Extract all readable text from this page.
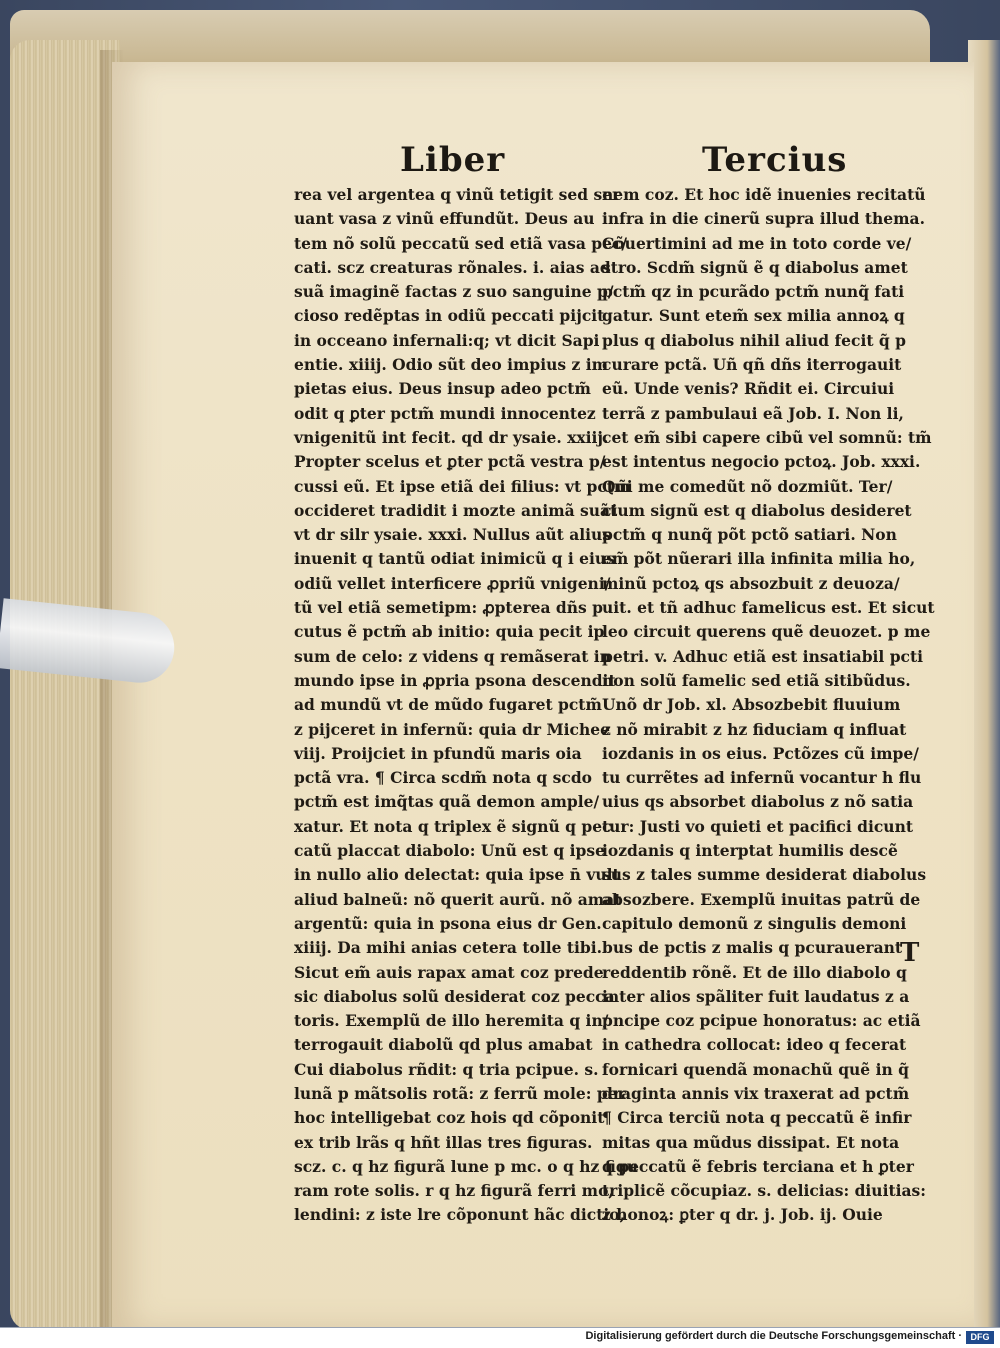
Liber	Tercius
rea vel argentea q vinũ tetigit sed ser
uant vasa z vinũ effundũt. Deus au
tem nõ solũ peccatũ sed etiã vasa pec/
cati. scz creaturas rõnales. i. aias ad
suã imaginẽ factas z suo sanguine p/
cioso redẽptas in odiũ peccati pĳcit
in occeano infernali:q; vt dicit Sapi
entie. xiiij. Odio sũt deo impius z im
pietas eius. Deus insup adeo pctm̃
odit q ꝑter pctm̃ mundi innocentez
vnigenitũ int fecit. qd dr ysaie. xxiij.
Propter scelus et ꝑter pctã vestra p/
cussi eũ. Et ipse etiã dei filius: vt pctm̃
occideret tradidit i mozte animã suãt
vt dr silr ysaie. xxxi. Nullus aũt alius
inuenit q tantũ odiat inimicũ q i eius
odiũ vellet interficere ꝓpriũ vnigeni/
tũ vel etiã semetipm: ꝓpterea dñs p
cutus ẽ pctm̃ ab initio: quia pecit ip
sum de celo: z videns q remãserat in
mundo ipse in ꝓpria psona descendit
ad mundũ vt de mũdo fugaret pctm̃
z pĳceret in infernũ: quia dr Michee
viij. Proĳciet in pfundũ maris oia
pctã vra. ¶ Circa scdm̃ nota q scdo
pctm̃ est imq̃tas quã demon ample/
xatur. Et nota q triplex ẽ signũ q pec
catũ placcat diabolo: Unũ est q ipse
in nullo alio delectat: quia ipse n̄ vult
aliud balneũ: nõ querit aurũ. nõ amat
argentũ: quia in psona eius dr Gen.
xiiij. Da mihi anias cetera tolle tibi.
Sicut em̃ auis rapax amat coz prede
sic diabolus solũ desiderat coz pecca
toris. Exemplũ de illo heremita q in/
terrogauit diabolũ qd plus amabat
Cui diabolus rñdit: q tria pcipue. s.
lunã p mãtsolis rotã: z ferrũ mole: per
hoc intelligebat coz hois qd cõponit
ex trib lrãs q hñt illas tres figuras.
scz. c. q hz figurã lune p mc. o q hz figu
ram rote solis. r q hz figurã ferri mo,
lendini: z iste lre cõponunt hãc dictio,
nem coz. Et hoc idẽ inuenies recitatũ
infra in die cinerũ supra illud thema.
Cõuertimini ad me in toto corde ve/
stro. Scdm̃ signũ ẽ q diabolus amet
pctm̃ qz in pcurãdo pctm̃ nunq̃ fati
gatur. Sunt etem̃ sex milia annoꝝ q
plus q diabolus nihil aliud fecit q̃ p
curare pctã. Uñ qñ dñs iterrogauit
eũ. Unde venis? Rñdit ei. Circuiui
terrã z pambulaui eã Job. I. Non li,
cet em̃ sibi capere cibũ vel somnũ: tm̃
est intentus negocio pctoꝝ. Job. xxxi.
Qui me comedũt nõ dozmiũt. Ter/
cium signũ est q diabolus desideret
pctm̃ q nunq̃ põt pctõ satiari. Non
em̃ põt nũerari illa infinita milia ho,
minũ pctoꝝ qs absozbuit z deuoza/
uit. et tñ adhuc famelicus est. Et sicut
leo circuit querens quẽ deuozet. p me
petri. v. Adhuc etiã est insatiabil pcti
non solũ famelic sed etiã sitibũdus.
Unõ dr Job. xl. Absozbebit fluuium
z nõ mirabit z hz fiduciam q influat
iozdanis in os eius. Pctõzes cũ impe/
tu currẽtes ad infernũ vocantur h flu
uius qs absorbet diabolus z nõ satia
tur: Justi vo quieti et pacifici dicunt
iozdanis q interptat humilis descẽ
sus z tales summe desiderat diabolus
absozbere. Exemplũ inuitas patrũ de
capitulo demonũ z singulis demoni
bus de pctis z malis q pcurauerant
reddentib rõnẽ. Et de illo diabolo q
inter alios spãliter fuit laudatus z a
pncipe coz pcipue honoratus: ac etiã
in cathedra collocat: ideo q fecerat
fornicari quendã monachũ quẽ in q̃
draginta annis vix traxerat ad pctm̃
¶ Circa terciũ nota q peccatũ ẽ infir
mitas qua mũdus dissipat. Et nota
q peccatũ ẽ febris terciana et h ꝑter
triplicẽ cõcupiaz. s. delicias: diuitias:
z honoꝝ: ꝑter q dr. j. Job. ij. Ouie
T
Digitalisierung gefördert durch die Deutsche Forschungsgemeinschaft · DFG
